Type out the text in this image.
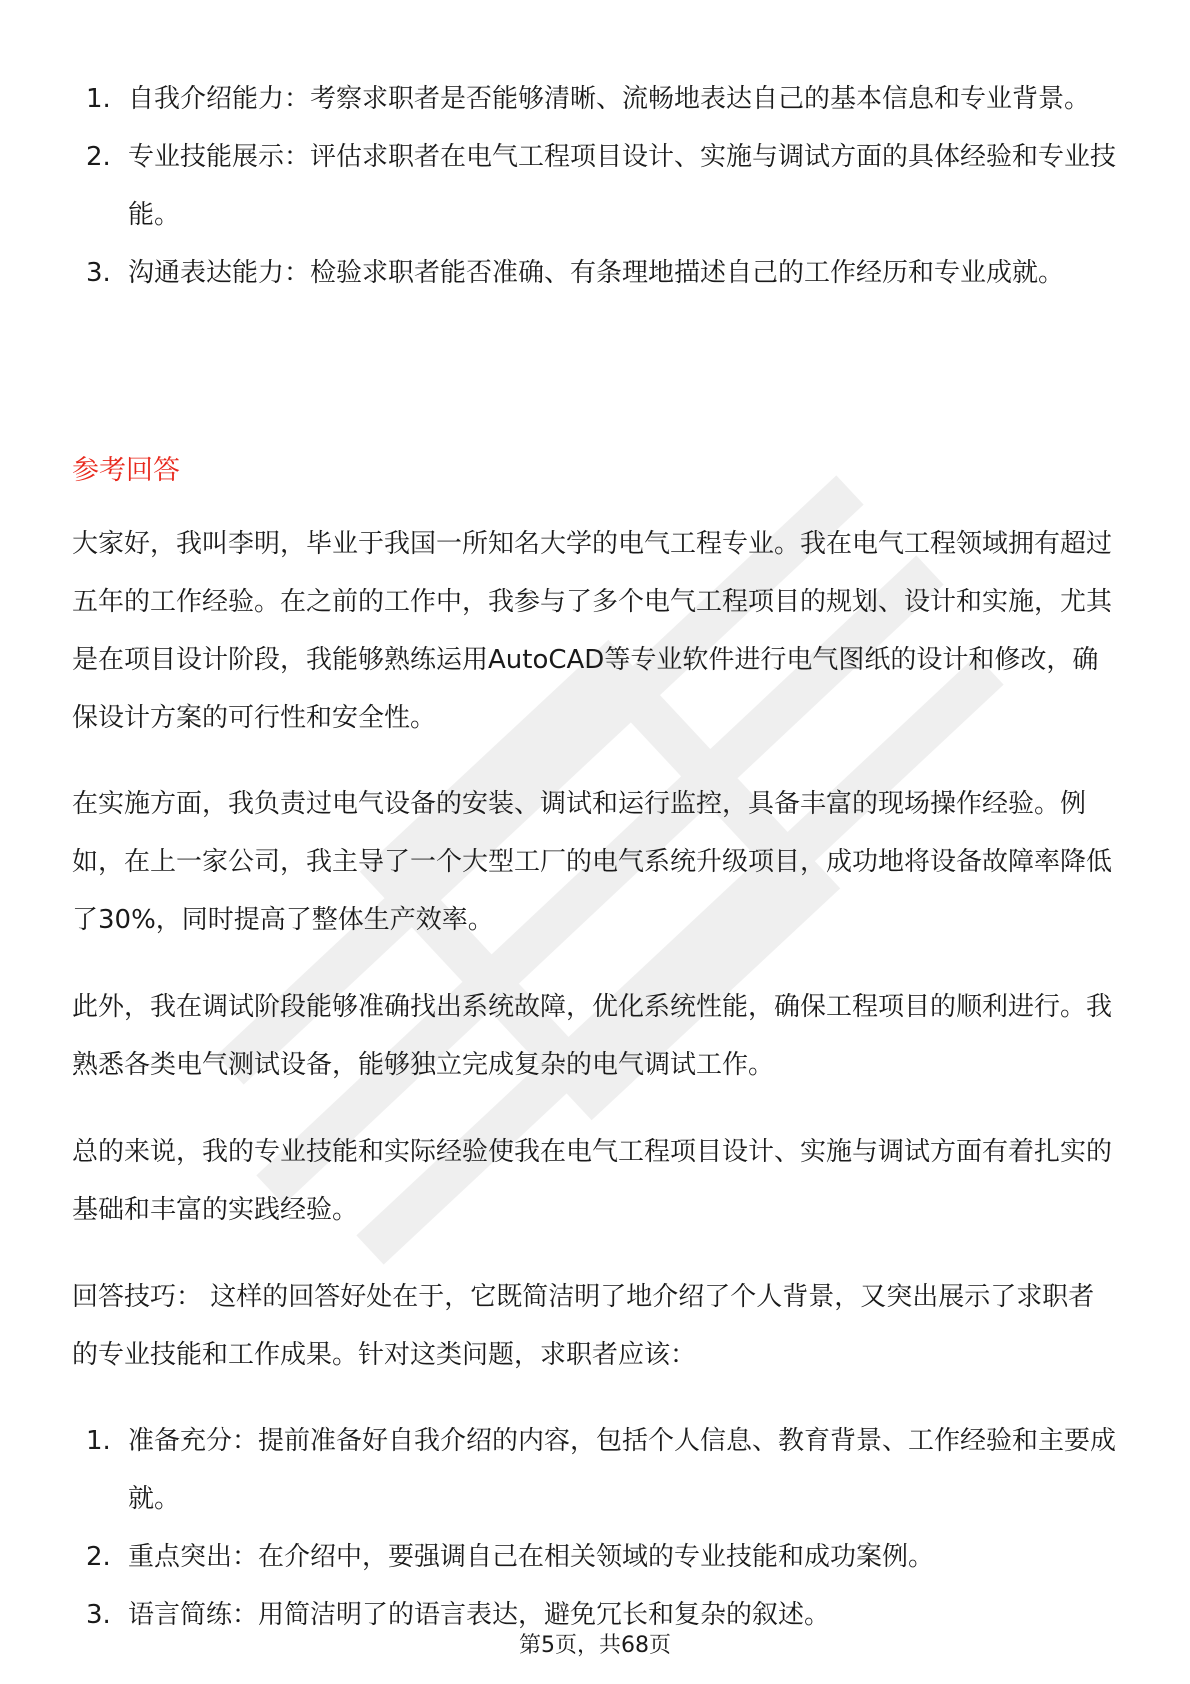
1. 自我介绍能力：考察求职者是否能够清晰、流畅地表达自己的基本信息和专业背景。
2. 专业技能展示：评估求职者在电气工程项目设计、实施与调试方面的具体经验和专业技能。
3. 沟通表达能力：检验求职者能否准确、有条理地描述自己的工作经历和专业成就。
参考回答

大家好，我叫李明，毕业于我国一所知名大学的电气工程专业。我在电气工程领域拥有超过五年的工作经验。在之前的工作中，我参与了多个电气工程项目的规划、设计和实施，尤其是在项目设计阶段，我能够熟练运用AutoCAD等专业软件进行电气图纸的设计和修改，确保设计方案的可行性和安全性。

在实施方面，我负责过电气设备的安装、调试和运行监控，具备丰富的现场操作经验。例如，在上一家公司，我主导了一个大型工厂的电气系统升级项目，成功地将设备故障率降低了30%，同时提高了整体生产效率。

此外，我在调试阶段能够准确找出系统故障，优化系统性能，确保工程项目的顺利进行。我熟悉各类电气测试设备，能够独立完成复杂的电气调试工作。

总的来说，我的专业技能和实际经验使我在电气工程项目设计、实施与调试方面有着扎实的基础和丰富的实践经验。

回答技巧： 这样的回答好处在于，它既简洁明了地介绍了个人背景，又突出展示了求职者的专业技能和工作成果。针对这类问题，求职者应该：

1. 准备充分：提前准备好自我介绍的内容，包括个人信息、教育背景、工作经验和主要成就。
2. 重点突出：在介绍中，要强调自己在相关领域的专业技能和成功案例。
3. 语言简练：用简洁明了的语言表达，避免冗长和复杂的叙述。
第5页，共68页
